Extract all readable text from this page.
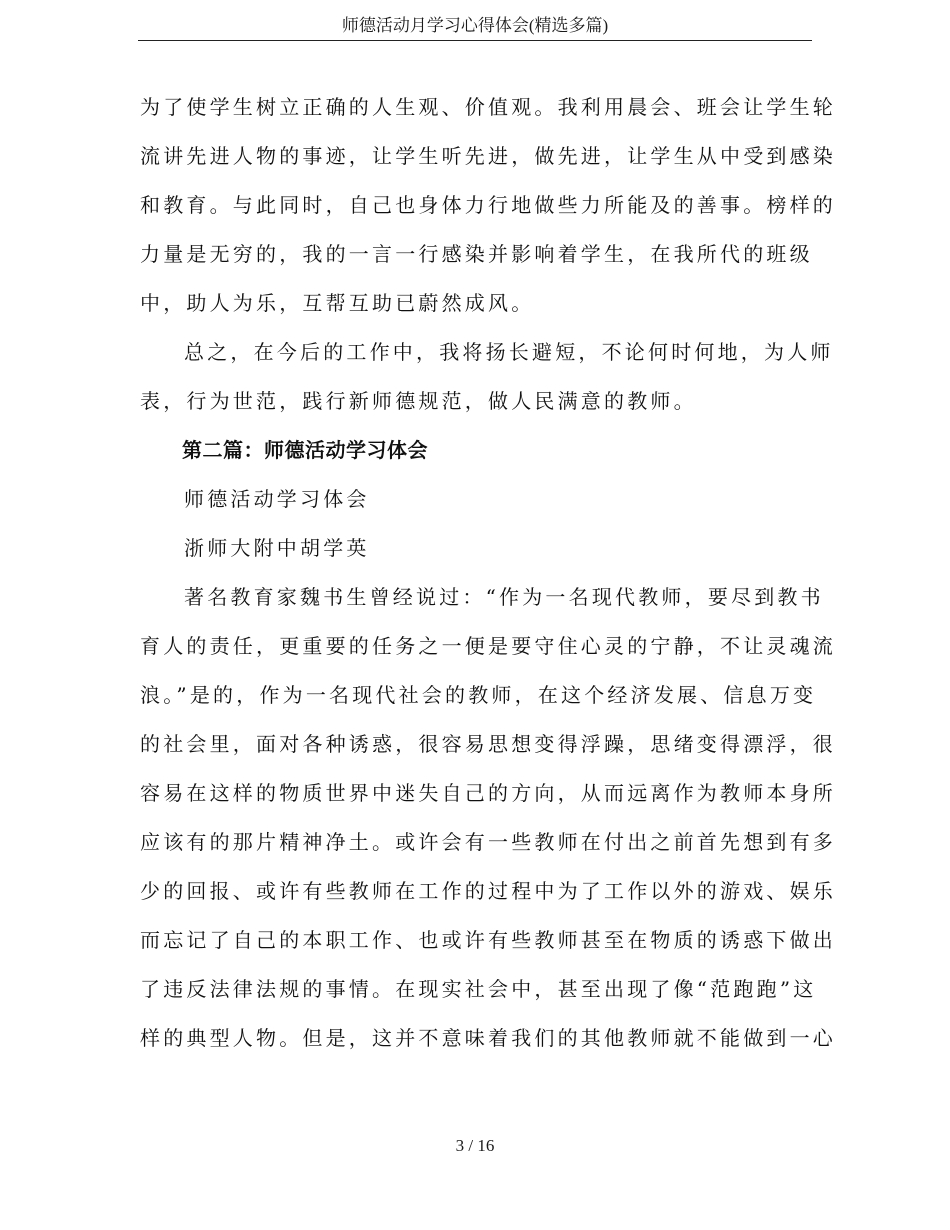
师德活动月学习心得体会(精选多篇)
为了使学生树立正确的人生观、价值观。我利用晨会、班会让学生轮
流讲先进人物的事迹，让学生听先进，做先进，让学生从中受到感染
和教育。与此同时，自己也身体力行地做些力所能及的善事。榜样的
力量是无穷的，我的一言一行感染并影响着学生，在我所代的班级
中，助人为乐，互帮互助已蔚然成风。
总之，在今后的工作中，我将扬长避短，不论何时何地，为人师
表，行为世范，践行新师德规范，做人民满意的教师。
第二篇：师德活动学习体会
师德活动学习体会
浙师大附中胡学英
著名教育家魏书生曾经说过：“作为一名现代教师，要尽到教书
育人的责任，更重要的任务之一便是要守住心灵的宁静，不让灵魂流
浪。”是的，作为一名现代社会的教师，在这个经济发展、信息万变
的社会里，面对各种诱惑，很容易思想变得浮躁，思绪变得漂浮，很
容易在这样的物质世界中迷失自己的方向，从而远离作为教师本身所
应该有的那片精神净土。或许会有一些教师在付出之前首先想到有多
少的回报、或许有些教师在工作的过程中为了工作以外的游戏、娱乐
而忘记了自己的本职工作、也或许有些教师甚至在物质的诱惑下做出
了违反法律法规的事情。在现实社会中，甚至出现了像“范跑跑”这
样的典型人物。但是，这并不意味着我们的其他教师就不能做到一心
3 / 16
